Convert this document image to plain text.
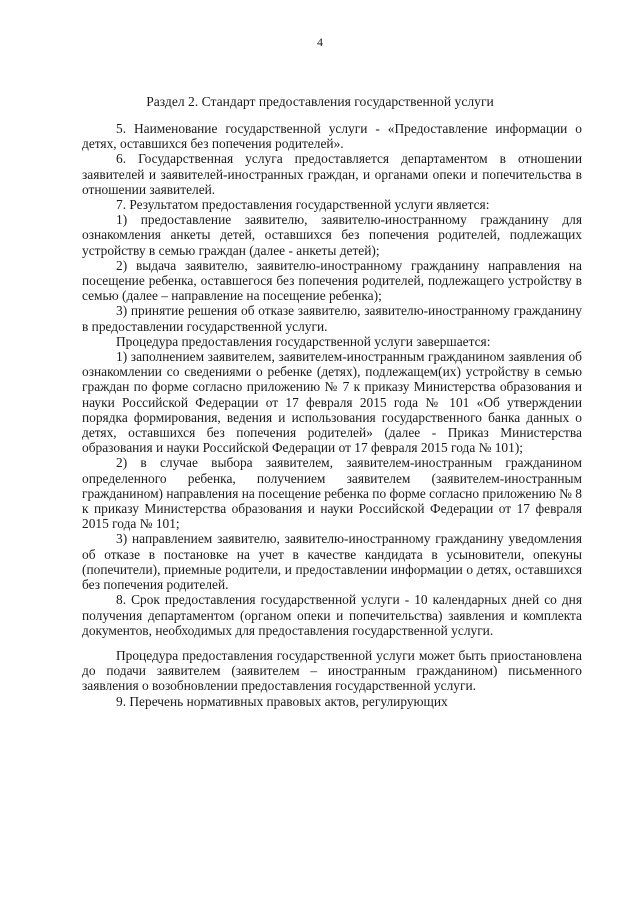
4
Раздел 2. Стандарт предоставления государственной услуги

5. Наименование государственной услуги - «Предоставление информации о детях, оставшихся без попечения родителей».

6. Государственная услуга предоставляется департаментом в отношении заявителей и заявителей-иностранных граждан, и органами опеки и попечительства в отношении заявителей.

7. Результатом предоставления государственной услуги является:

1) предоставление заявителю, заявителю-иностранному гражданину для ознакомления анкеты детей, оставшихся без попечения родителей, подлежащих устройству в семью граждан (далее - анкеты детей);

2) выдача заявителю, заявителю-иностранному гражданину направления на посещение ребенка, оставшегося без попечения родителей, подлежащего устройству в семью (далее – направление на посещение ребенка);

3) принятие решения об отказе заявителю, заявителю-иностранному гражданину в предоставлении государственной услуги.

Процедура предоставления государственной услуги завершается:

1) заполнением заявителем, заявителем-иностранным гражданином заявления об ознакомлении со сведениями о ребенке (детях), подлежащем(их) устройству в семью граждан по форме согласно приложению № 7 к приказу Министерства образования и науки Российской Федерации от 17 февраля 2015 года № 101 «Об утверждении порядка формирования, ведения и использования государственного банка данных о детях, оставшихся без попечения родителей» (далее - Приказ Министерства образования и науки Российской Федерации от 17 февраля 2015 года № 101);

2) в случае выбора заявителем, заявителем-иностранным гражданином определенного ребенка, получением заявителем (заявителем-иностранным гражданином) направления на посещение ребенка по форме согласно приложению № 8 к приказу Министерства образования и науки Российской Федерации от 17 февраля 2015 года № 101;

3) направлением заявителю, заявителю-иностранному гражданину уведомления об отказе в постановке на учет в качестве кандидата в усыновители, опекуны (попечители), приемные родители, и предоставлении информации о детях, оставшихся без попечения родителей.

8. Срок предоставления государственной услуги - 10 календарных дней со дня получения департаментом (органом опеки и попечительства) заявления и комплекта документов, необходимых для предоставления государственной услуги.

Процедура предоставления государственной услуги может быть приостановлена до подачи заявителем (заявителем – иностранным гражданином) письменного заявления о возобновлении предоставления государственной услуги.

9. Перечень нормативных правовых актов, регулирующих
